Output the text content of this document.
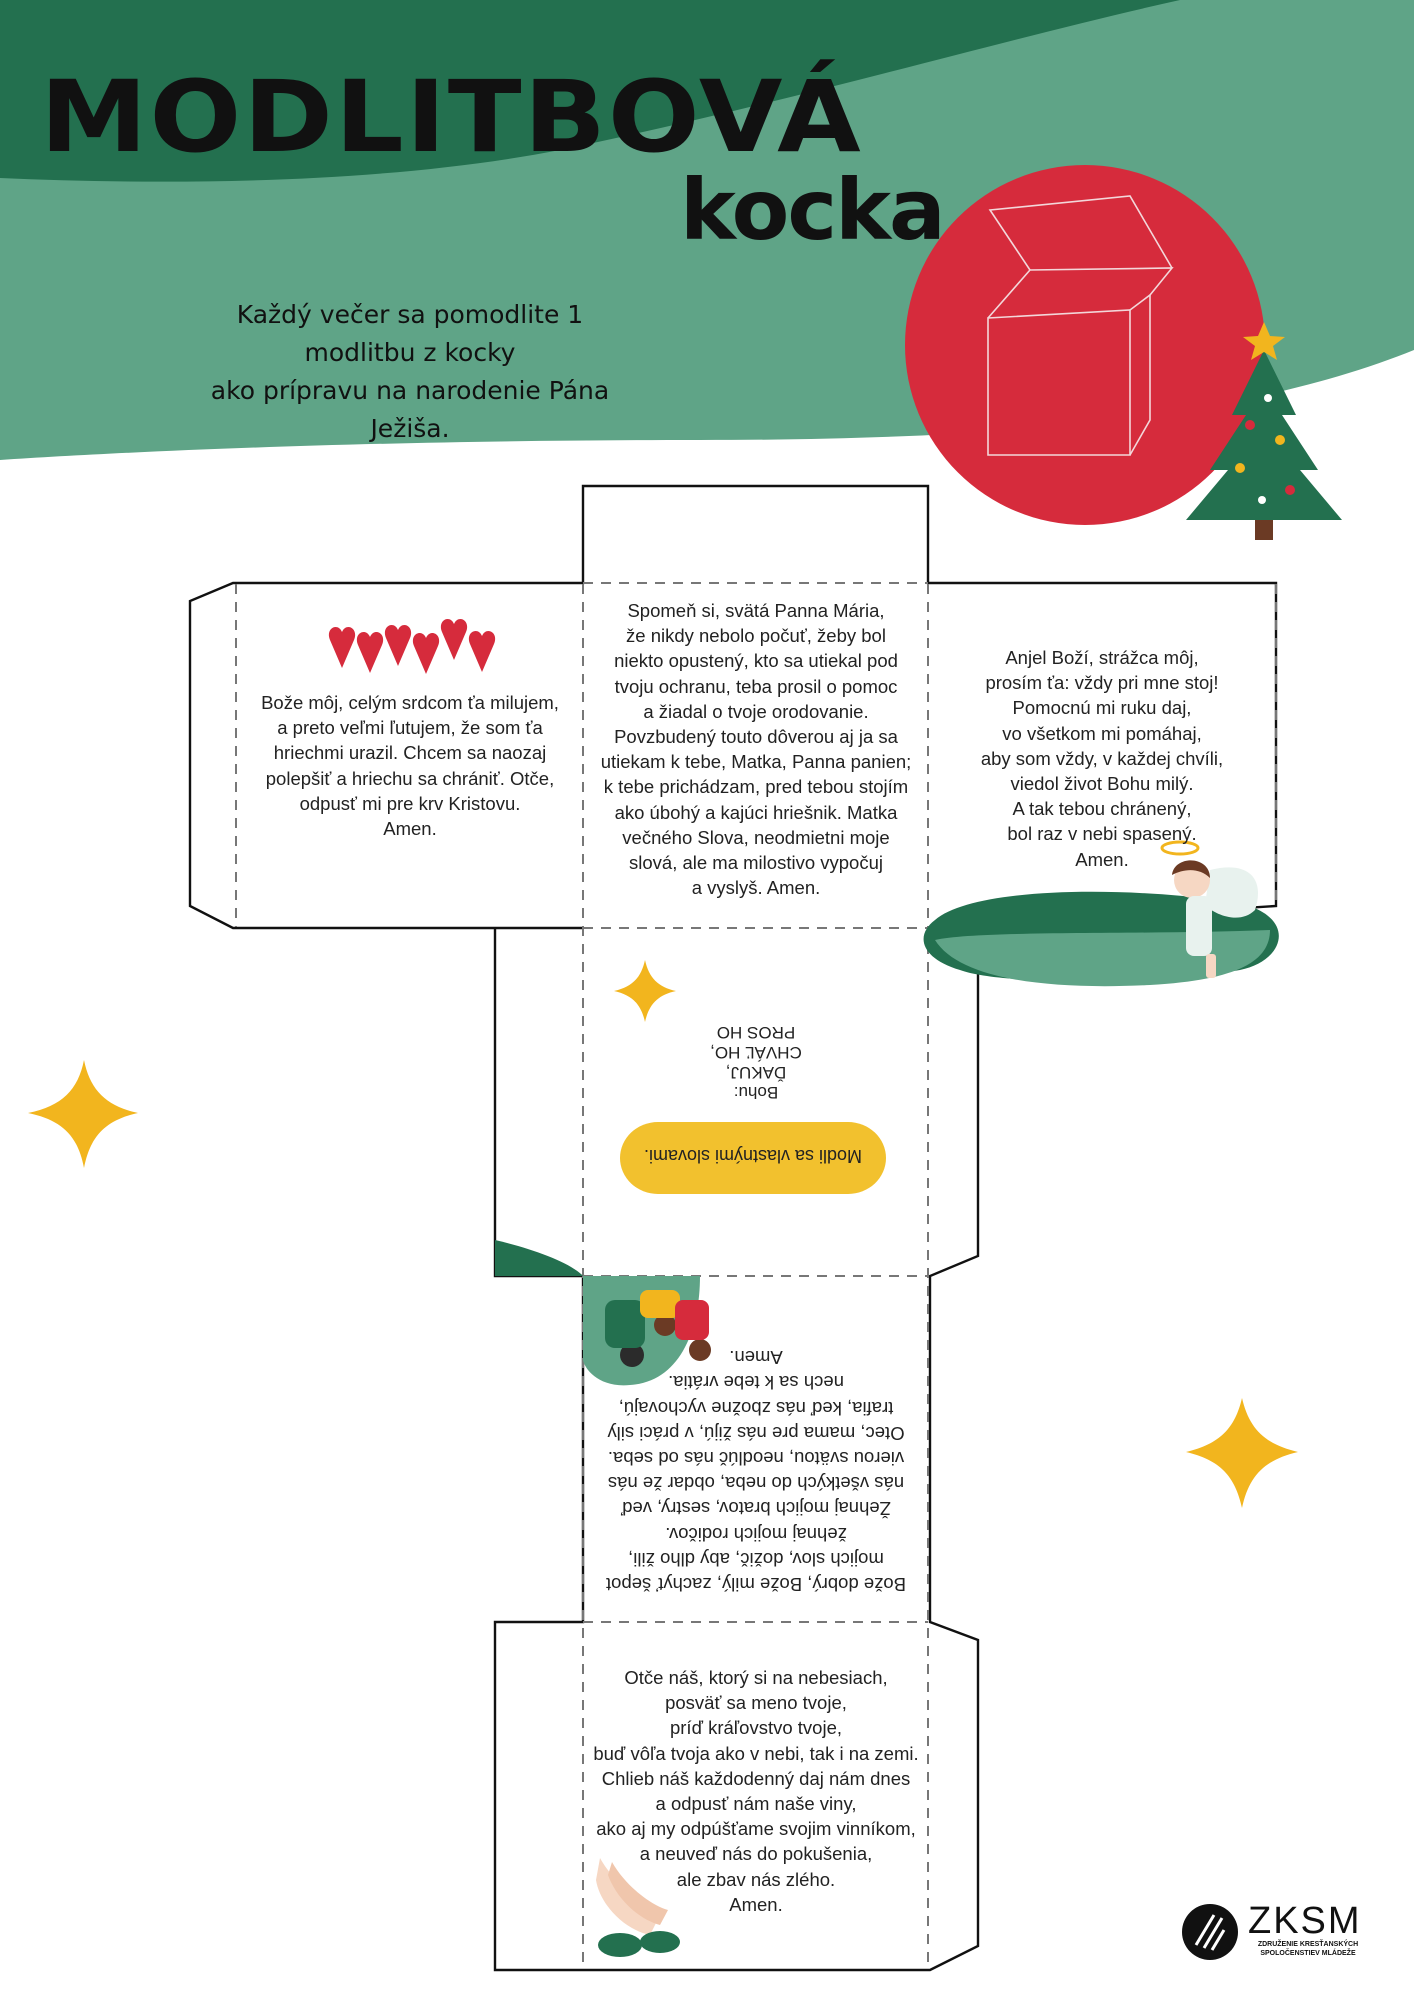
MODLITBOVÁ
kocka
Každý večer sa pomodlite 1 modlitbu z kocky
ako prípravu na narodenie Pána Ježiša.
Bože môj, celým srdcom ťa milujem,
a preto veľmi ľutujem, že som ťa
hriechmi urazil. Chcem sa naozaj
polepšiť a hriechu sa chrániť. Otče,
odpusť mi pre krv Kristovu.
Amen.
Spomeň si, svätá Panna Mária,
že nikdy nebolo počuť, žeby bol
niekto opustený, kto sa utiekal pod
tvoju ochranu, teba prosil o pomoc
a žiadal o tvoje orodovanie.
Povzbudený touto dôverou aj ja sa
utiekam k tebe, Matka, Panna panien;
k tebe prichádzam, pred tebou stojím
ako úbohý a kajúci hriešnik. Matka
večného Slova, neodmietni moje
slová, ale ma milostivo vypočuj
a vyslyš. Amen.
Anjel Boží, strážca môj,
prosím ťa: vždy pri mne stoj!
Pomocnú mi ruku daj,
vo všetkom mi pomáhaj,
aby som vždy, v každej chvíli,
viedol život Bohu milý.
A tak tebou chránený,
bol raz v nebi spasený.
Amen.
Bohu:
ĎAKUJ,
CHVÁĽ HO,
PROS HO
Modli sa vlastnými slovami.
Bože dobrý, Bože milý, zachyť šepot
mojich slov, dožič, aby dlho žili,
žehnaj mojich rodičov.
Žehnaj mojich bratov, sestry, veď
nás všetkých do neba, obdar že nás
vierou svätou, neodlúč nás od seba.
Otec, mama pre nás žijú, v práci sily
trafia, keď nás zbožne vychovajú,
nech sa k tebe vrátia.
Amen.
Otče náš, ktorý si na nebesiach,
posväť sa meno tvoje,
príď kráľovstvo tvoje,
buď vôľa tvoja ako v nebi, tak i na zemi.
Chlieb náš každodenný daj nám dnes
a odpusť nám naše viny,
ako aj my odpúšťame svojim vinníkom,
a neuveď nás do pokušenia,
ale zbav nás zlého.
Amen.	ZKSM
ZDRUŽENIE KRESŤANSKÝCH
SPOLOČENSTIEV MLÁDEŽE
